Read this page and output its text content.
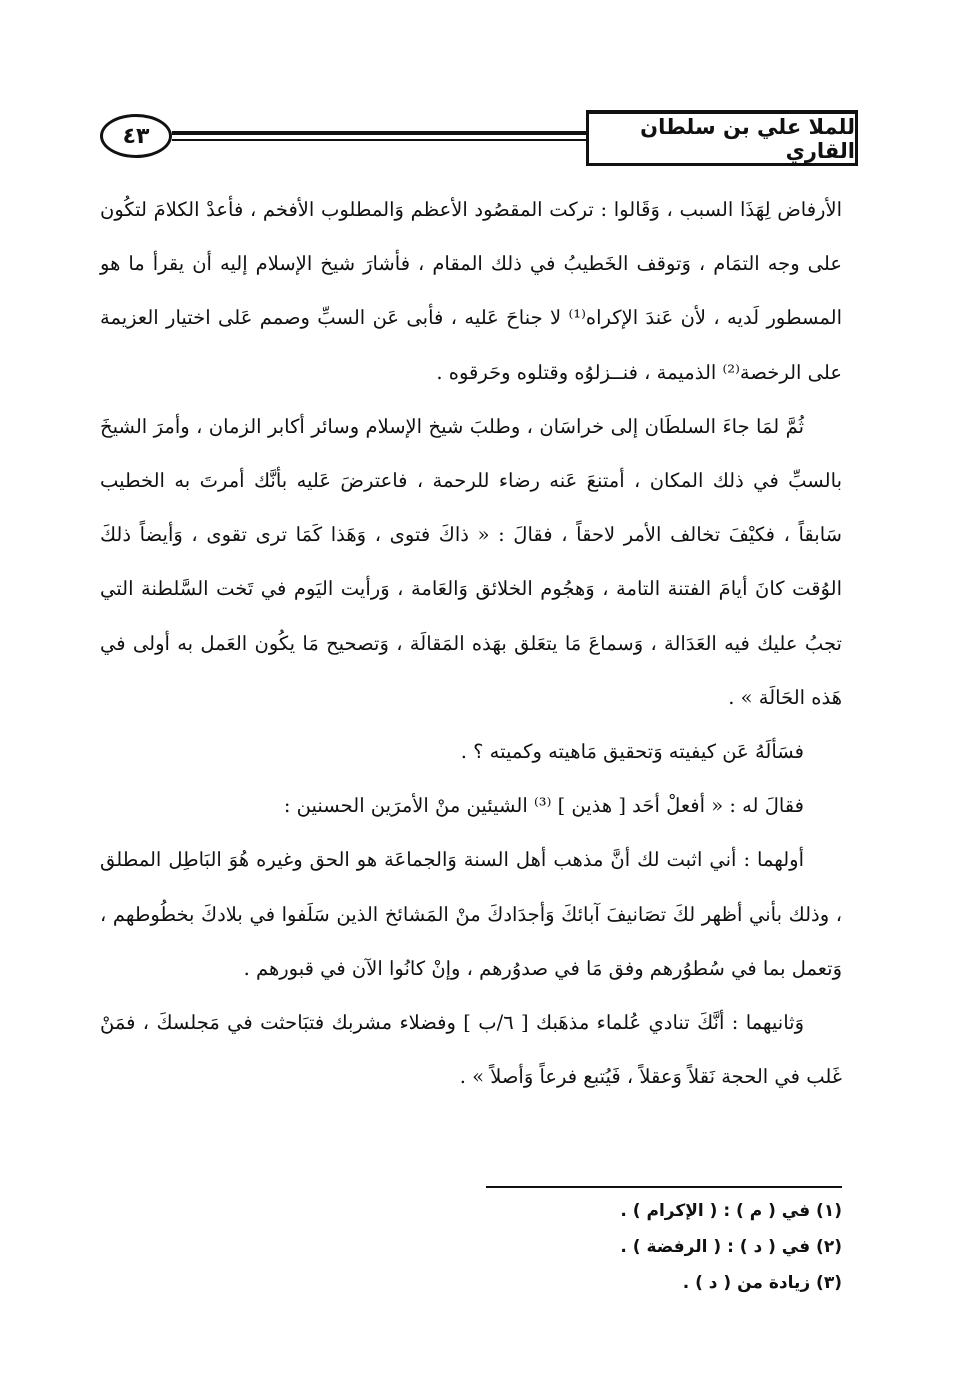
٤٣	للملا علي بن سلطان القاري

الأرفاض لِهَذَا السبب ، وَقَالوا : تركت المقصُود الأعظم وَالمطلوب الأفخم ، فأعدْ الكلامَ لتكُون على وجه التمَام ، وَتوقف الخَطيبُ في ذلك المقام ، فأشارَ شيخ الإسلام إليه أن يقرأ ما هو المسطور لَديه ، لأن عَندَ الإكراه⁽¹⁾ لا جناحَ عَليه ، فأبى عَن السبِّ وصمم عَلى اختيار العزيمة على الرخصة⁽²⁾ الذميمة ، فنــزلوُه وقتلوه وحَرقوه .

ثُمَّ لمَا جاءَ السلطَان إلى خراسَان ، وطلبَ شيخ الإسلام وسائر أكابر الزمان ، وأمرَ الشيخَ بالسبِّ في ذلك المكان ، أمتنعَ عَنه رضاء للرحمة ، فاعترضَ عَليه بأنَّك أمرتَ به الخطيب سَابقاً ، فكيْفَ تخالف الأمر لاحقاً ، فقالَ : « ذاكَ فتوى ، وَهَذا كَمَا ترى تقوى ، وَأيضاً ذلكَ الوُقت كانَ أيامَ الفتنة التامة ، وَهجُوم الخلائق وَالعَامة ، وَرأيت اليَوم في تَخت السَّلطنة التي تجبُ عليك فيه العَدَالة ، وَسماعَ مَا يتعَلق بهَذه المَقالَة ، وَتصحيح مَا يكُون العَمل به أولى في هَذه الحَالَة » .

فسَألَهُ عَن كيفيته وَتحقيق مَاهيته وكميته ؟ .

فقالَ له : « أفعلْ أحَد [ هذين ] ⁽³⁾ الشيئين منْ الأمرَين الحسنين :

أولهما : أني اثبت لك أنَّ مذهب أهل السنة وَالجماعَة هو الحق وغيره هُوَ البَاطِل المطلق ، وذلك بأني أظهر لكَ تصَانيفَ آبائكَ وَأجدَادكَ منْ المَشائخ الذين سَلَفوا في بلادكَ بخطُوطهم ، وَتعمل بما في سُطوُرهم وفق مَا في صدوُرهم ، وإنْ كانُوا الآن في قبورهم .

وَثانيهما : أنَّكَ تنادي عُلماء مذهَبك [ ٦/ب ] وفضلاء مشربك فتبَاحثت في مَجلسكَ ، فمَنْ غَلب في الحجة نَقلاً وَعقلاً ، فَيُتبع فرعاً وَأصلاً » .

(١) في ( م ) : ( الإكرام ) .
(٢) في ( د ) : ( الرفضة ) .
(٣) زيادة من ( د ) .
